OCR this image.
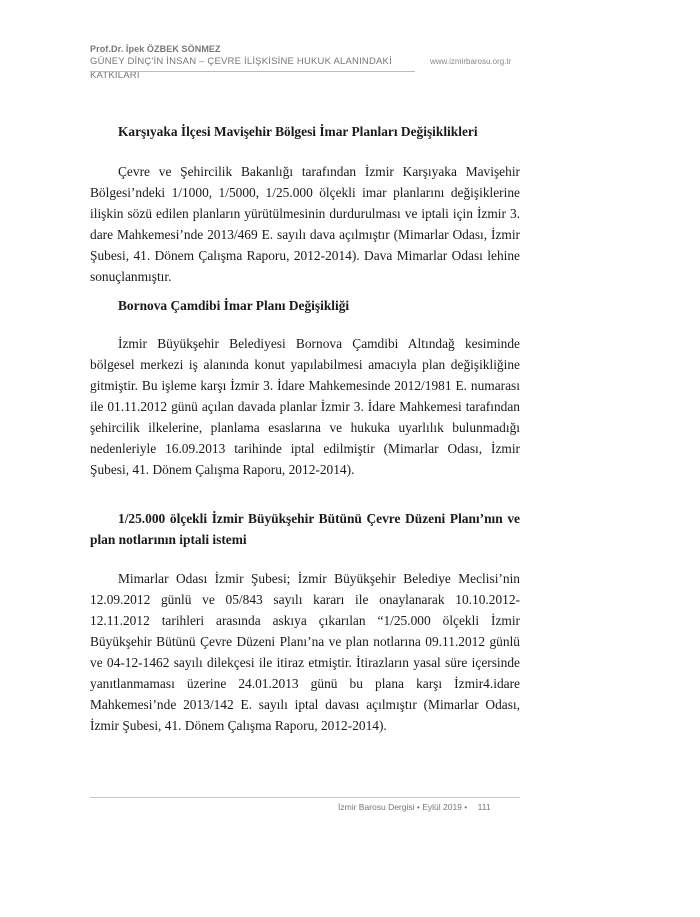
Prof.Dr. İpek ÖZBEK SÖNMEZ
GÜNEY DİNÇ'İN İNSAN – ÇEVRE İLİŞKİSİNE HUKUK ALANINDAKİ
KATKILARI
www.izmirbarosu.org.tr
Karşıyaka İlçesi Mavişehir Bölgesi İmar Planları Değişiklikleri

Çevre ve Şehircilik Bakanlığı tarafından İzmir Karşıyaka Mavişehir Bölgesi’ndeki 1/1000, 1/5000, 1/25.000 ölçekli imar planlarını değişiklerine ilişkin sözü edilen planların yürütülmesinin durdurulması ve iptali için İzmir 3. dare Mahkemesi’nde 2013/469 E. sayılı dava açılmıştır (Mimarlar Odası, İzmir Şubesi, 41. Dönem Çalışma Raporu, 2012-2014). Dava Mimarlar Odası lehine sonuçlanmıştır.

Bornova Çamdibi İmar Planı Değişikliği

İzmir Büyükşehir Belediyesi Bornova Çamdibi Altındağ kesiminde bölgesel merkezi iş alanında konut yapılabilmesi amacıyla plan değişikliğine gitmiştir. Bu işleme karşı İzmir 3. İdare Mahkemesinde 2012/1981 E. numarası ile 01.11.2012 günü açılan davada planlar İzmir 3. İdare Mahkemesi tarafından şehircilik ilkelerine, planlama esaslarına ve hukuka uyarlılık bulunmadığı nedenleriyle 16.09.2013 tarihinde iptal edilmiştir (Mimarlar Odası, İzmir Şubesi, 41. Dönem Çalışma Raporu, 2012-2014).

1/25.000 ölçekli İzmir Büyükşehir Bütünü Çevre Düzeni Planı’nın ve plan notlarının iptali istemi

Mimarlar Odası İzmir Şubesi; İzmir Büyükşehir Belediye Meclisi’nin 12.09.2012 günlü ve 05/843 sayılı kararı ile onaylanarak 10.10.2012-12.11.2012 tarihleri arasında askıya çıkarılan “1/25.000 ölçekli İzmir Büyükşehir Bütünü Çevre Düzeni Planı’na ve plan notlarına 09.11.2012 günlü ve 04-12-1462 sayılı dilekçesi ile itiraz etmiştir. İtirazların yasal süre içersinde yanıtlanmaması üzerine 24.01.2013 günü bu plana karşı İzmir4.idare Mahkemesi’nde 2013/142 E. sayılı iptal davası açılmıştır (Mimarlar Odası, İzmir Şubesi, 41. Dönem Çalışma Raporu, 2012-2014).

İzmir Barosu Dergisi • Eylül 2019 • 111
